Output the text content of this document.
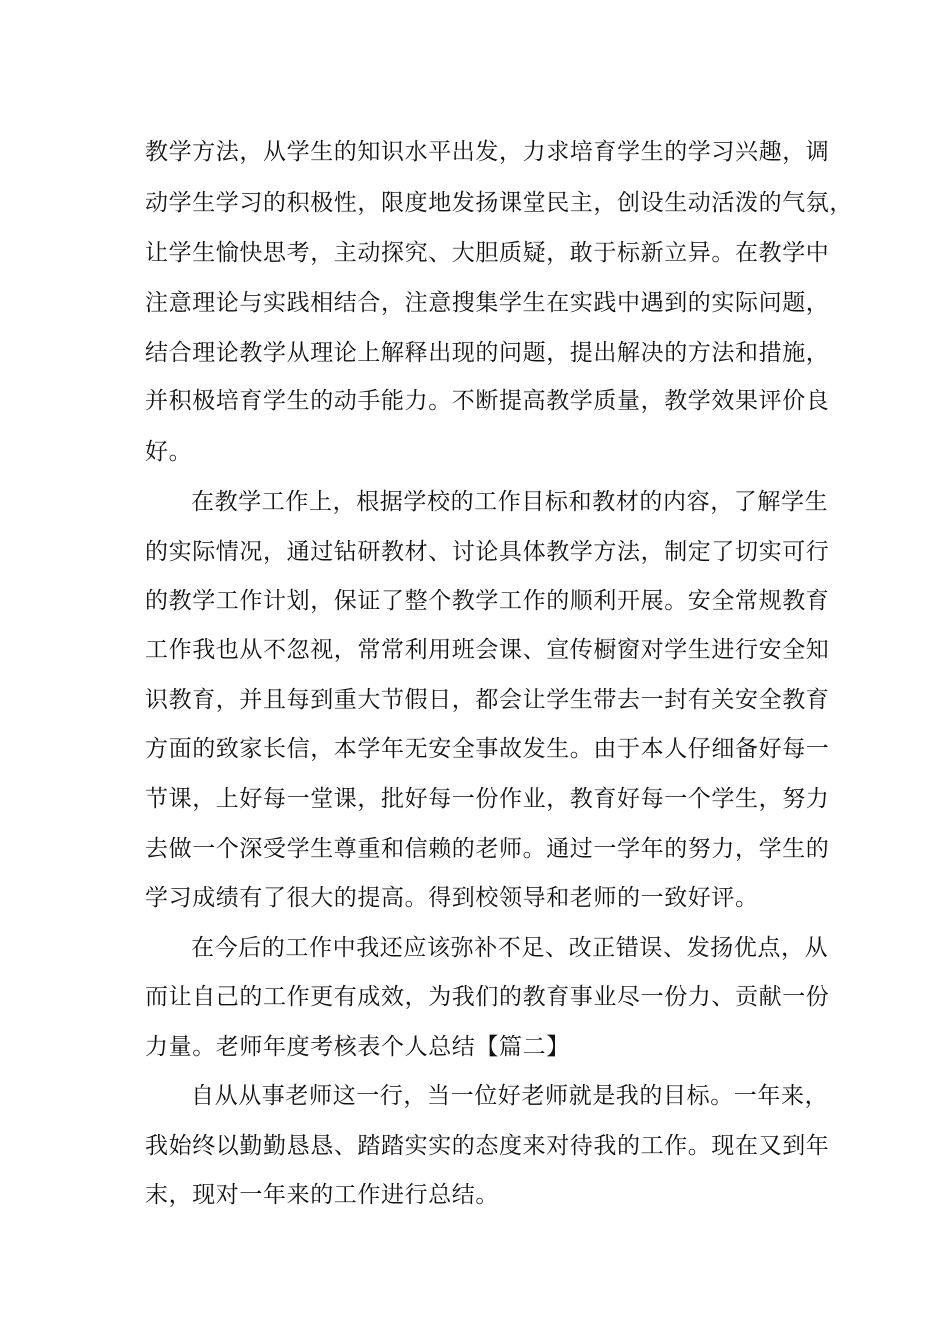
教学方法，从学生的知识水平出发，力求培育学生的学习兴趣，调
动学生学习的积极性，限度地发扬课堂民主，创设生动活泼的气氛，
让学生愉快思考，主动探究、大胆质疑，敢于标新立异。在教学中
注意理论与实践相结合，注意搜集学生在实践中遇到的实际问题，
结合理论教学从理论上解释出现的问题，提出解决的方法和措施，
并积极培育学生的动手能力。不断提高教学质量，教学效果评价良
好。
在教学工作上，根据学校的工作目标和教材的内容，了解学生
的实际情况，通过钻研教材、讨论具体教学方法，制定了切实可行
的教学工作计划，保证了整个教学工作的顺利开展。安全常规教育
工作我也从不忽视，常常利用班会课、宣传橱窗对学生进行安全知
识教育，并且每到重大节假日，都会让学生带去一封有关安全教育
方面的致家长信，本学年无安全事故发生。由于本人仔细备好每一
节课，上好每一堂课，批好每一份作业，教育好每一个学生，努力
去做一个深受学生尊重和信赖的老师。通过一学年的努力，学生的
学习成绩有了很大的提高。得到校领导和老师的一致好评。
在今后的工作中我还应该弥补不足、改正错误、发扬优点，从
而让自己的工作更有成效，为我们的教育事业尽一份力、贡献一份
力量。老师年度考核表个人总结【篇二】
自从从事老师这一行，当一位好老师就是我的目标。一年来，
我始终以勤勤恳恳、踏踏实实的态度来对待我的工作。现在又到年
末，现对一年来的工作进行总结。
